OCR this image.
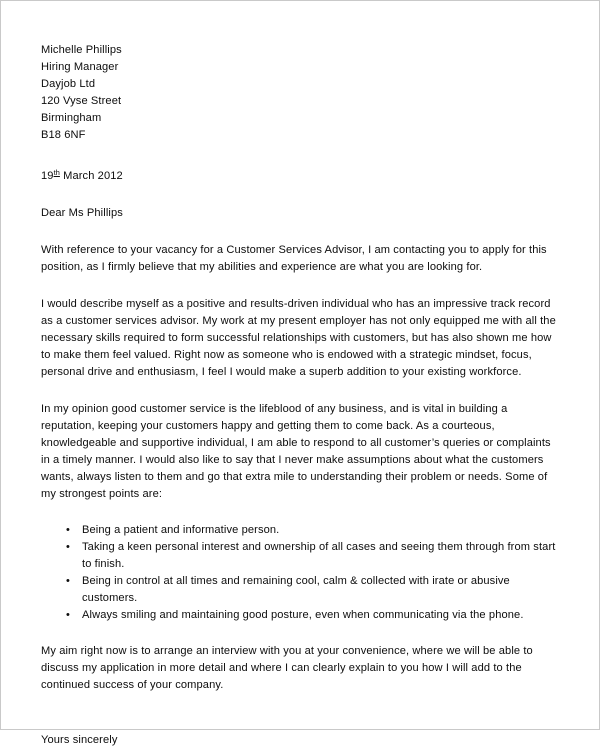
Michelle Phillips
Hiring Manager
Dayjob Ltd
120 Vyse Street
Birmingham
B18 6NF
19th March 2012
Dear Ms Phillips

With reference to your vacancy for a Customer Services Advisor, I am contacting you to apply for this position, as I firmly believe that my abilities and experience are what you are looking for.

I would describe myself as a positive and results-driven individual who has an impressive track record as a customer services advisor. My work at my present employer has not only equipped me with all the necessary skills required to form successful relationships with customers, but has also shown me how to make them feel valued. Right now as someone who is endowed with a strategic mindset, focus, personal drive and enthusiasm, I feel I would make a superb addition to your existing workforce.

In my opinion good customer service is the lifeblood of any business, and is vital in building a reputation, keeping your customers happy and getting them to come back. As a courteous, knowledgeable and supportive individual, I am able to respond to all customer’s queries or complaints in a timely manner. I would also like to say that I never make assumptions about what the customers wants, always listen to them and go that extra mile to understanding their problem or needs. Some of my strongest points are:

• Being a patient and informative person.
• Taking a keen personal interest and ownership of all cases and seeing them through from start to finish.
• Being in control at all times and remaining cool, calm & collected with irate or abusive customers.
• Always smiling and maintaining good posture, even when communicating via the phone.

My aim right now is to arrange an interview with you at your convenience, where we will be able to discuss my application in more detail and where I can clearly explain to you how I will add to the continued success of your company.

Yours sincerely
